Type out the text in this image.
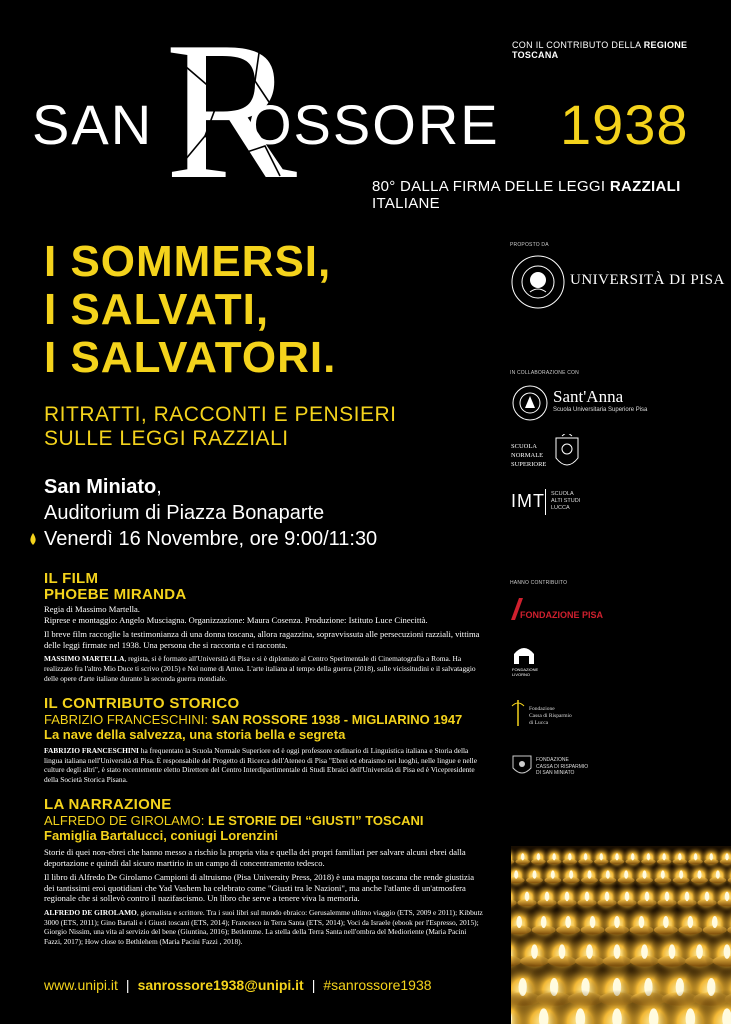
CON IL CONTRIBUTO DELLA REGIONE TOSCANA
R
SAN OSSORE 1938
80° DALLA FIRMA DELLE LEGGI RAZZIALI ITALIANE
I SOMMERSI,
I SALVATI,
I SALVATORI.
RITRATTI, RACCONTI E PENSIERI
SULLE LEGGI RAZZIALI
San Miniato,
Auditorium di Piazza Bonaparte
Venerdì 16 Novembre, ore 9:00/11:30
IL FILM
PHOEBE MIRANDA
Regia di Massimo Martella.

Riprese e montaggio: Angelo Musciagna. Organizzazione: Maura Cosenza. Produzione: Istituto Luce Cinecittà.

Il breve film raccoglie la testimonianza di una donna toscana, allora ragazzina, sopravvissuta alle persecuzioni razziali, vittima delle leggi firmate nel 1938. Una persona che si racconta e ci racconta.

MASSIMO MARTELLA, regista, si è formato all'Università di Pisa e si è diplomato al Centro Sperimentale di Cinematografia a Roma. Ha realizzato fra l'altro Mio Duce ti scrivo (2015) e Nel nome di Antea. L'arte italiana al tempo della guerra (2018), sulle vicissitudini e il salvataggio delle opere d'arte italiane durante la seconda guerra mondiale.

IL CONTRIBUTO STORICO
FABRIZIO FRANCESCHINI: SAN ROSSORE 1938 - MIGLIARINO 1947
La nave della salvezza, una storia bella e segreta

FABRIZIO FRANCESCHINI ha frequentato la Scuola Normale Superiore ed è oggi professore ordinario di Linguistica italiana e Storia della lingua italiana nell'Università di Pisa. È responsabile del Progetto di Ricerca dell'Ateneo di Pisa "Ebrei ed ebraismo nei luoghi, nelle lingue e nelle culture degli altri", è stato recentemente eletto Direttore del Centro Interdipartimentale di Studi Ebraici dell'Università di Pisa ed è Vicepresidente della Società Storica Pisana.

LA NARRAZIONE
ALFREDO DE GIROLAMO: LE STORIE DEI “GIUSTI” TOSCANI
Famiglia Bartalucci, coniugi Lorenzini

Storie di quei non-ebrei che hanno messo a rischio la propria vita e quella dei propri familiari per salvare alcuni ebrei dalla deportazione e quindi dal sicuro martirio in un campo di concentramento tedesco.

Il libro di Alfredo De Girolamo Campioni di altruismo (Pisa University Press, 2018) è una mappa toscana che rende giustizia dei tantissimi eroi quotidiani che Yad Vashem ha celebrato come "Giusti tra le Nazioni", ma anche l'atlante di un'atmosfera regionale che si sollevò contro il nazifascismo. Un libro che serve a tenere viva la memoria.

ALFREDO DE GIROLAMO, giornalista e scrittore. Tra i suoi libri sul mondo ebraico: Gerusalemme ultimo viaggio (ETS, 2009 e 2011); Kibbutz 3000 (ETS, 2011); Gino Bartali e i Giusti toscani (ETS, 2014); Francesco in Terra Santa (ETS, 2014); Voci da Israele (ebook per l'Espresso, 2015); Giorgio Nissim, una vita al servizio del bene (Giuntina, 2016); Betlemme. La stella della Terra Santa nell'ombra del Medioriente (Maria Pacini Fazzi, 2017); How close to Bethlehem (Maria Pacini Fazzi , 2018).

PROPOSTO DA
UNIVERSITÀ DI PISA
IN COLLABORAZIONE CON
Sant'Anna
Scuola Universitaria Superiore Pisa
SCUOLA
NORMALE
SUPERIORE
IMT SCUOLA
ALTI STUDI
LUCCA
HANNO CONTRIBUITO
FONDAZIONE PISA
FONDAZIONE
LIVORNO
Fondazione
Cassa di Risparmio
di Lucca
FONDAZIONE
CASSA DI RISPARMIO
DI SAN MINIATO
www.unipi.it | sanrossore1938@unipi.it | #sanrossore1938
